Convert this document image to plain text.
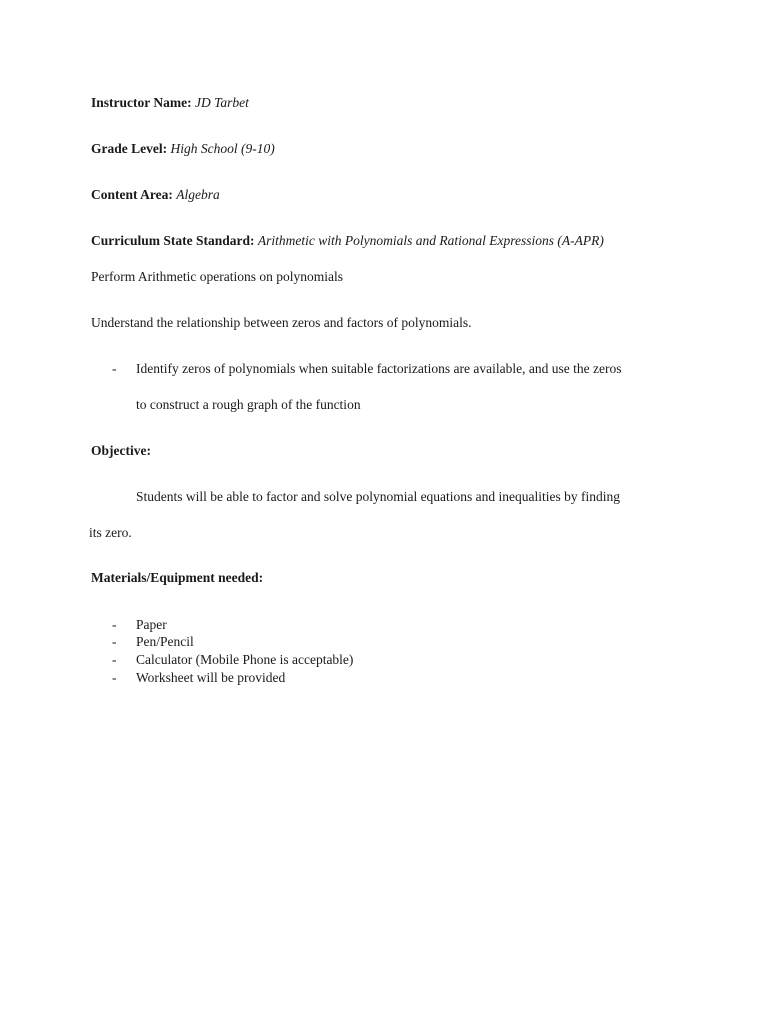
Instructor Name: JD Tarbet
Grade Level: High School (9-10)
Content Area: Algebra
Curriculum State Standard: Arithmetic with Polynomials and Rational Expressions (A-APR)
Perform Arithmetic operations on polynomials
Understand the relationship between zeros and factors of polynomials.
- Identify zeros of polynomials when suitable factorizations are available, and use the zeros
to construct a rough graph of the function
Objective:
Students will be able to factor and solve polynomial equations and inequalities by finding
its zero.
Materials/Equipment needed:
- Paper
- Pen/Pencil
- Calculator (Mobile Phone is acceptable)
- Worksheet will be provided
